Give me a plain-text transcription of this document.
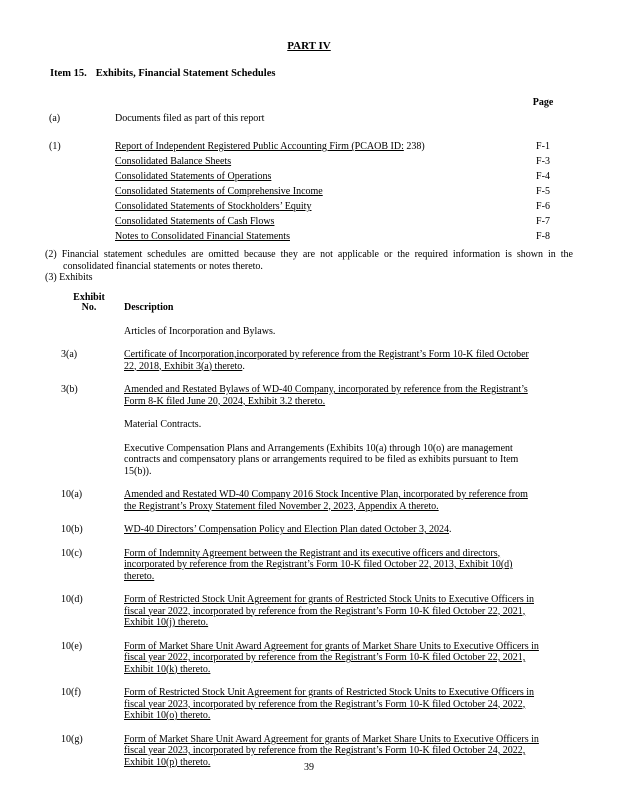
PART IV

Item 15. Exhibits, Financial Statement Schedules
Page
(a)	Documents filed as part of this report
(1)	Report of Independent Registered Public Accounting Firm (PCAOB ID: 238)	F-1
Consolidated Balance Sheets	F-3
Consolidated Statements of Operations	F-4
Consolidated Statements of Comprehensive Income	F-5
Consolidated Statements of Stockholders’ Equity	F-6
Consolidated Statements of Cash Flows	F-7
Notes to Consolidated Financial Statements	F-8

(2) Financial statement schedules are omitted because they are not applicable or the required information is shown in the consolidated financial statements or notes thereto.

(3) Exhibits

Exhibit
No.	Description
Articles of Incorporation and Bylaws.
3(a)	Certificate of Incorporation,incorporated by reference from the Registrant’s Form 10-K filed October 22, 2018, Exhibit 3(a) thereto.
3(b)	Amended and Restated Bylaws of WD-40 Company, incorporated by reference from the Registrant’s Form 8-K filed June 20, 2024, Exhibit 3.2 thereto.
Material Contracts.
Executive Compensation Plans and Arrangements (Exhibits 10(a) through 10(o) are management contracts and compensatory plans or arrangements required to be filed as exhibits pursuant to Item 15(b)).
10(a)	Amended and Restated WD-40 Company 2016 Stock Incentive Plan, incorporated by reference from the Registrant’s Proxy Statement filed November 2, 2023, Appendix A thereto.
10(b)	WD-40 Directors’ Compensation Policy and Election Plan dated October 3, 2024.
10(c)	Form of Indemnity Agreement between the Registrant and its executive officers and directors, incorporated by reference from the Registrant’s Form 10-K filed October 22, 2013, Exhibit 10(d) thereto.
10(d)	Form of Restricted Stock Unit Agreement for grants of Restricted Stock Units to Executive Officers in fiscal year 2022, incorporated by reference from the Registrant’s Form 10-K filed October 22, 2021, Exhibit 10(j) thereto.
10(e)	Form of Market Share Unit Award Agreement for grants of Market Share Units to Executive Officers in fiscal year 2022, incorporated by reference from the Registrant’s Form 10-K filed October 22, 2021, Exhibit 10(k) thereto.
10(f)	Form of Restricted Stock Unit Agreement for grants of Restricted Stock Units to Executive Officers in fiscal year 2023, incorporated by reference from the Registrant’s Form 10-K filed October 24, 2022, Exhibit 10(o) thereto.
10(g)	Form of Market Share Unit Award Agreement for grants of Market Share Units to Executive Officers in fiscal year 2023, incorporated by reference from the Registrant’s Form 10-K filed October 24, 2022, Exhibit 10(p) thereto.	39
